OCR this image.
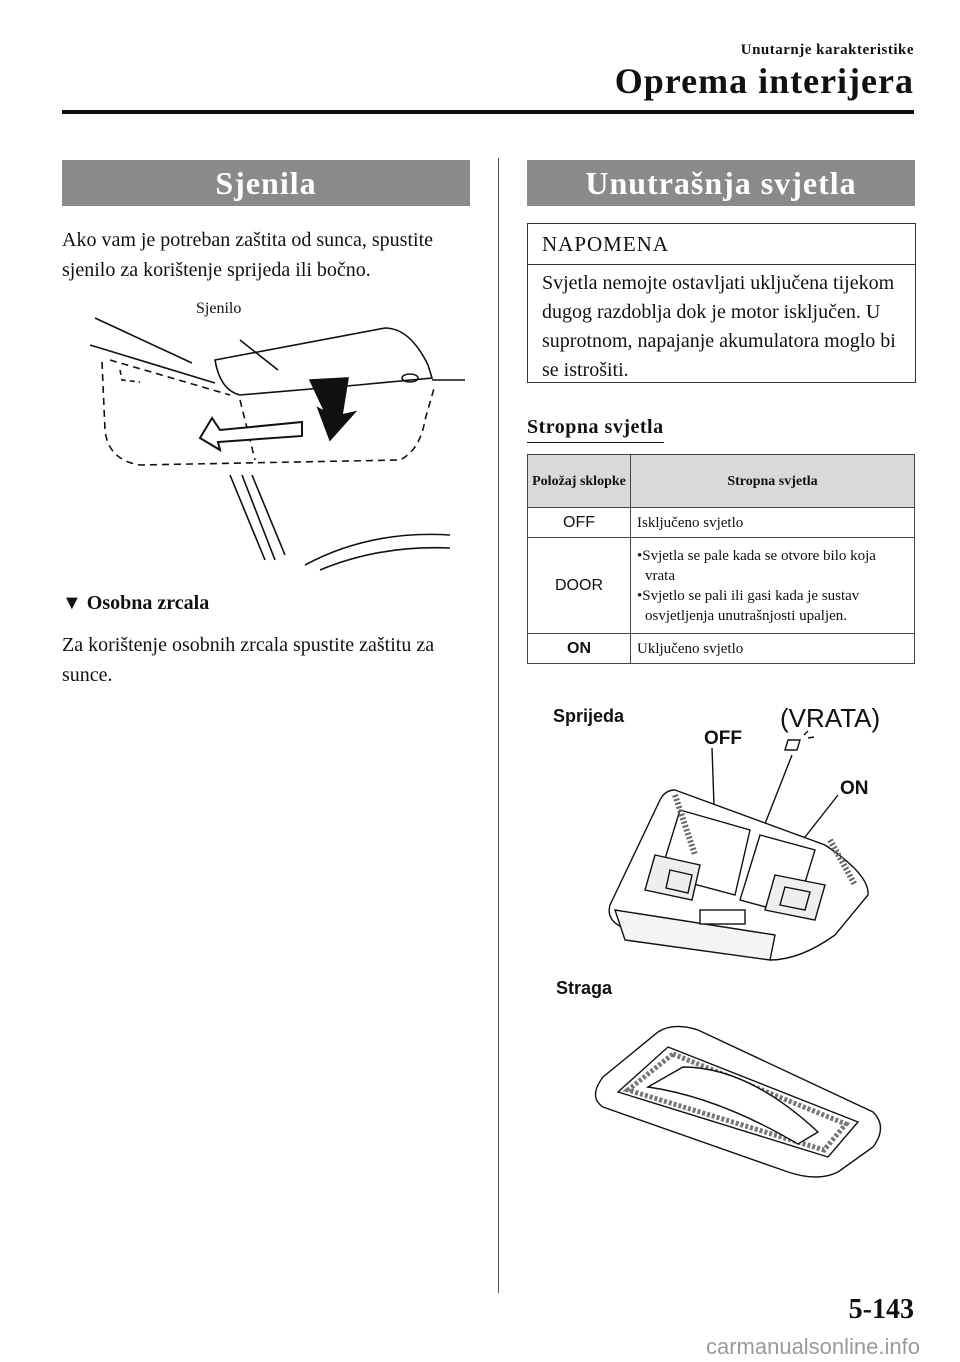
Unutarnje karakteristike
Oprema interijera
Sjenila
Ako vam je potreban zaštita od sunca, spustite sjenilo za korištenje sprijeda ili bočno.
Sjenilo
▼ Osobna zrcala
Za korištenje osobnih zrcala spustite zaštitu za sunce.
Unutrašnja svjetla
NAPOMENA
Svjetla nemojte ostavljati uključena tijekom dugog razdoblja dok je motor isključen. U suprotnom, napajanje akumulatora moglo bi se istrošiti.
Stropna svjetla
Položaj sklopke	Stropna svjetla
OFF	Isključeno svjetlo
DOOR	•Svjetla se pale kada se otvore bilo koja vrata
•Svjetlo se pali ili gasi kada je sustav osvjetljenja unutrašnjosti upaljen.

ON	Uključeno svjetlo
Sprijeda	(VRATA)
OFF
ON
Straga
5-143
carmanualsonline.info
